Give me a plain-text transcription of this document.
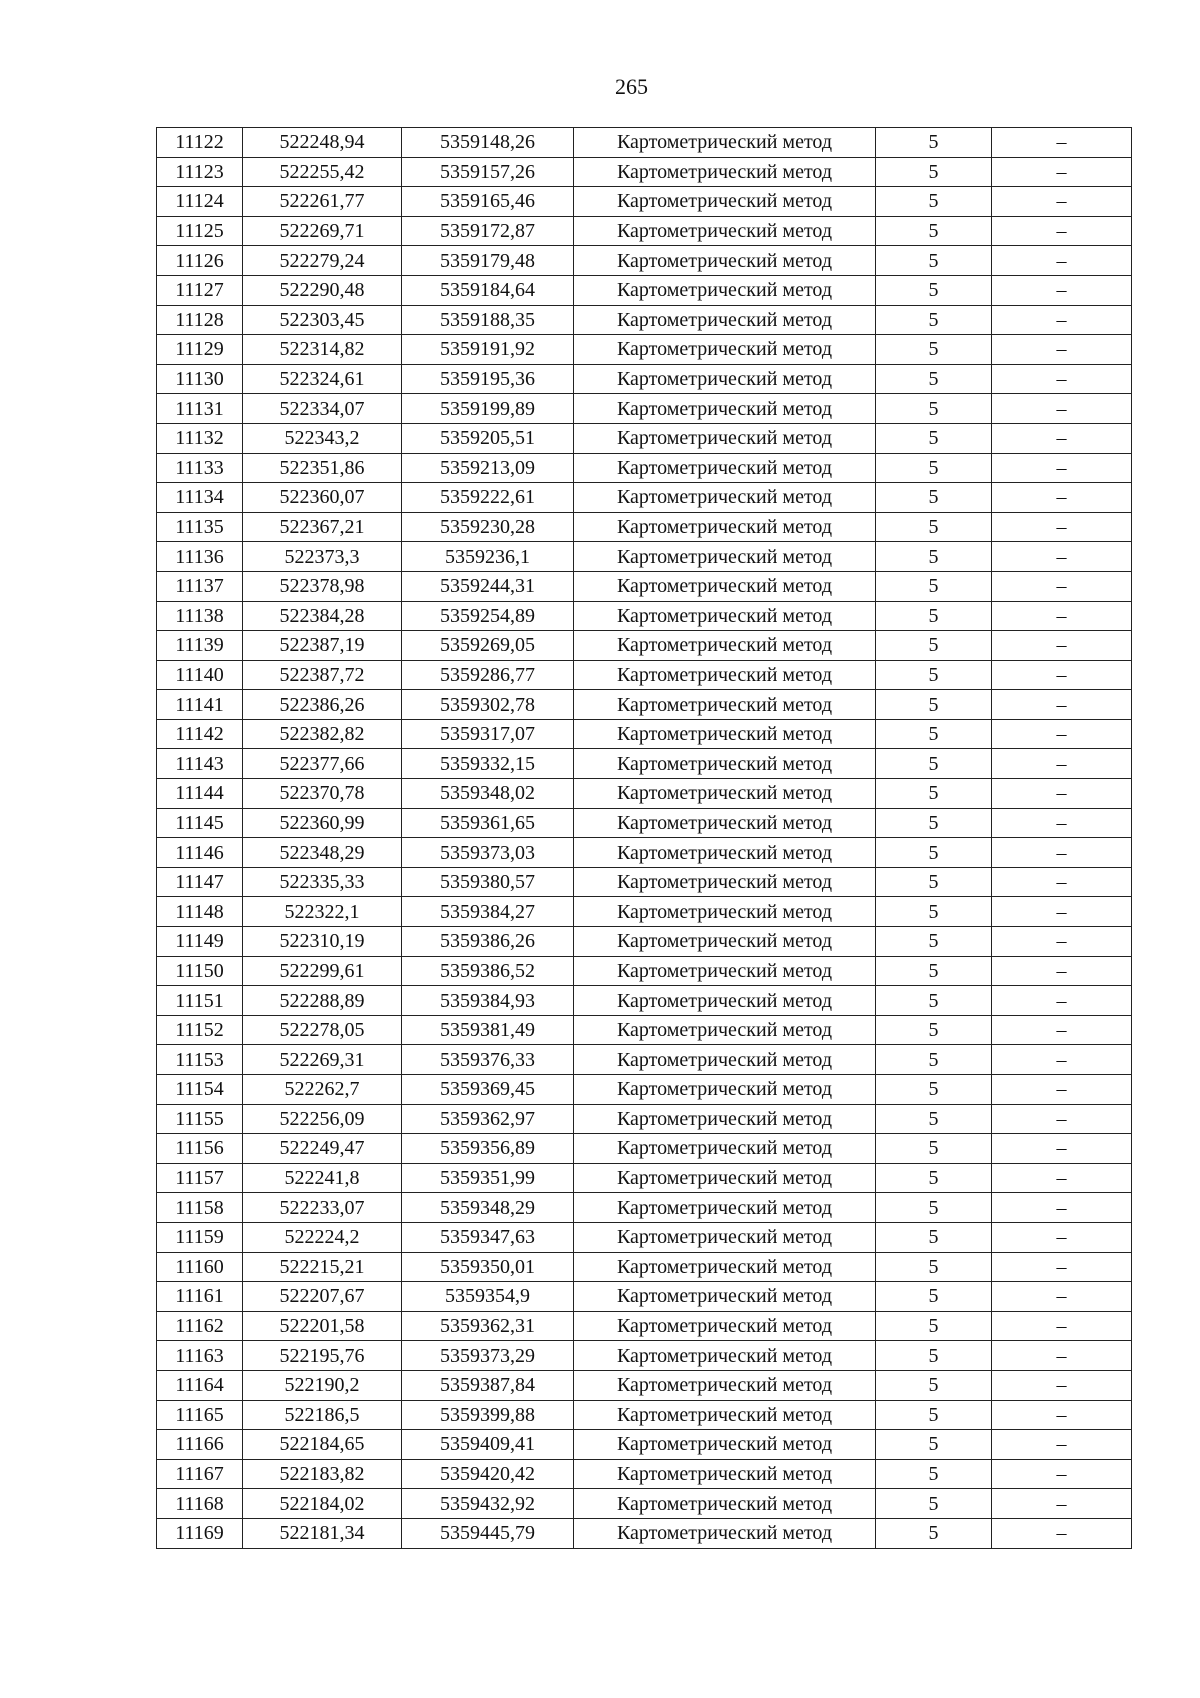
265
11122	522248,94	5359148,26	Картометрический метод	5	–
11123	522255,42	5359157,26	Картометрический метод	5	–
11124	522261,77	5359165,46	Картометрический метод	5	–
11125	522269,71	5359172,87	Картометрический метод	5	–
11126	522279,24	5359179,48	Картометрический метод	5	–
11127	522290,48	5359184,64	Картометрический метод	5	–
11128	522303,45	5359188,35	Картометрический метод	5	–
11129	522314,82	5359191,92	Картометрический метод	5	–
11130	522324,61	5359195,36	Картометрический метод	5	–
11131	522334,07	5359199,89	Картометрический метод	5	–
11132	522343,2	5359205,51	Картометрический метод	5	–
11133	522351,86	5359213,09	Картометрический метод	5	–
11134	522360,07	5359222,61	Картометрический метод	5	–
11135	522367,21	5359230,28	Картометрический метод	5	–
11136	522373,3	5359236,1	Картометрический метод	5	–
11137	522378,98	5359244,31	Картометрический метод	5	–
11138	522384,28	5359254,89	Картометрический метод	5	–
11139	522387,19	5359269,05	Картометрический метод	5	–
11140	522387,72	5359286,77	Картометрический метод	5	–
11141	522386,26	5359302,78	Картометрический метод	5	–
11142	522382,82	5359317,07	Картометрический метод	5	–
11143	522377,66	5359332,15	Картометрический метод	5	–
11144	522370,78	5359348,02	Картометрический метод	5	–
11145	522360,99	5359361,65	Картометрический метод	5	–
11146	522348,29	5359373,03	Картометрический метод	5	–
11147	522335,33	5359380,57	Картометрический метод	5	–
11148	522322,1	5359384,27	Картометрический метод	5	–
11149	522310,19	5359386,26	Картометрический метод	5	–
11150	522299,61	5359386,52	Картометрический метод	5	–
11151	522288,89	5359384,93	Картометрический метод	5	–
11152	522278,05	5359381,49	Картометрический метод	5	–
11153	522269,31	5359376,33	Картометрический метод	5	–
11154	522262,7	5359369,45	Картометрический метод	5	–
11155	522256,09	5359362,97	Картометрический метод	5	–
11156	522249,47	5359356,89	Картометрический метод	5	–
11157	522241,8	5359351,99	Картометрический метод	5	–
11158	522233,07	5359348,29	Картометрический метод	5	–
11159	522224,2	5359347,63	Картометрический метод	5	–
11160	522215,21	5359350,01	Картометрический метод	5	–
11161	522207,67	5359354,9	Картометрический метод	5	–
11162	522201,58	5359362,31	Картометрический метод	5	–
11163	522195,76	5359373,29	Картометрический метод	5	–
11164	522190,2	5359387,84	Картометрический метод	5	–
11165	522186,5	5359399,88	Картометрический метод	5	–
11166	522184,65	5359409,41	Картометрический метод	5	–
11167	522183,82	5359420,42	Картометрический метод	5	–
11168	522184,02	5359432,92	Картометрический метод	5	–
11169	522181,34	5359445,79	Картометрический метод	5	–
